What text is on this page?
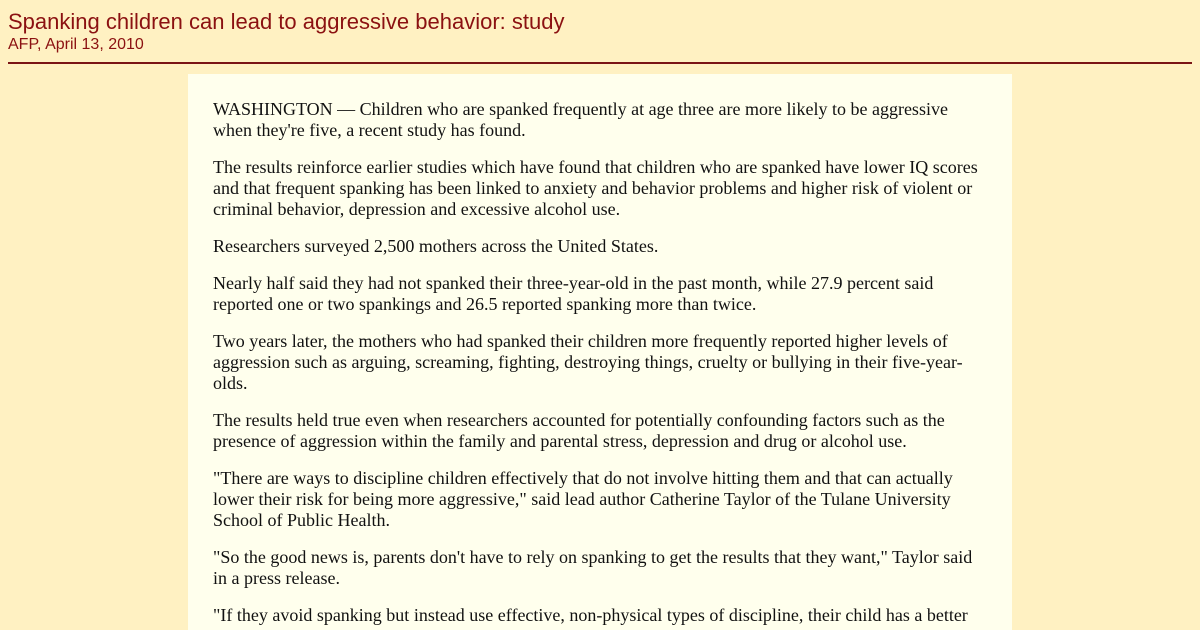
Spanking children can lead to aggressive behavior: study
AFP, April 13, 2010

WASHINGTON — Children who are spanked frequently at age three are more likely to be aggressive when they're five, a recent study has found.

The results reinforce earlier studies which have found that children who are spanked have lower IQ scores and that frequent spanking has been linked to anxiety and behavior problems and higher risk of violent or criminal behavior, depression and excessive alcohol use.

Researchers surveyed 2,500 mothers across the United States.

Nearly half said they had not spanked their three-year-old in the past month, while 27.9 percent said reported one or two spankings and 26.5 reported spanking more than twice.

Two years later, the mothers who had spanked their children more frequently reported higher levels of aggression such as arguing, screaming, fighting, destroying things, cruelty or bullying in their five-year-olds.

The results held true even when researchers accounted for potentially confounding factors such as the presence of aggression within the family and parental stress, depression and drug or alcohol use.

"There are ways to discipline children effectively that do not involve hitting them and that can actually lower their risk for being more aggressive," said lead author Catherine Taylor of the Tulane University School of Public Health.

"So the good news is, parents don't have to rely on spanking to get the results that they want," Taylor said in a press release.

"If they avoid spanking but instead use effective, non-physical types of discipline, their child has a better
